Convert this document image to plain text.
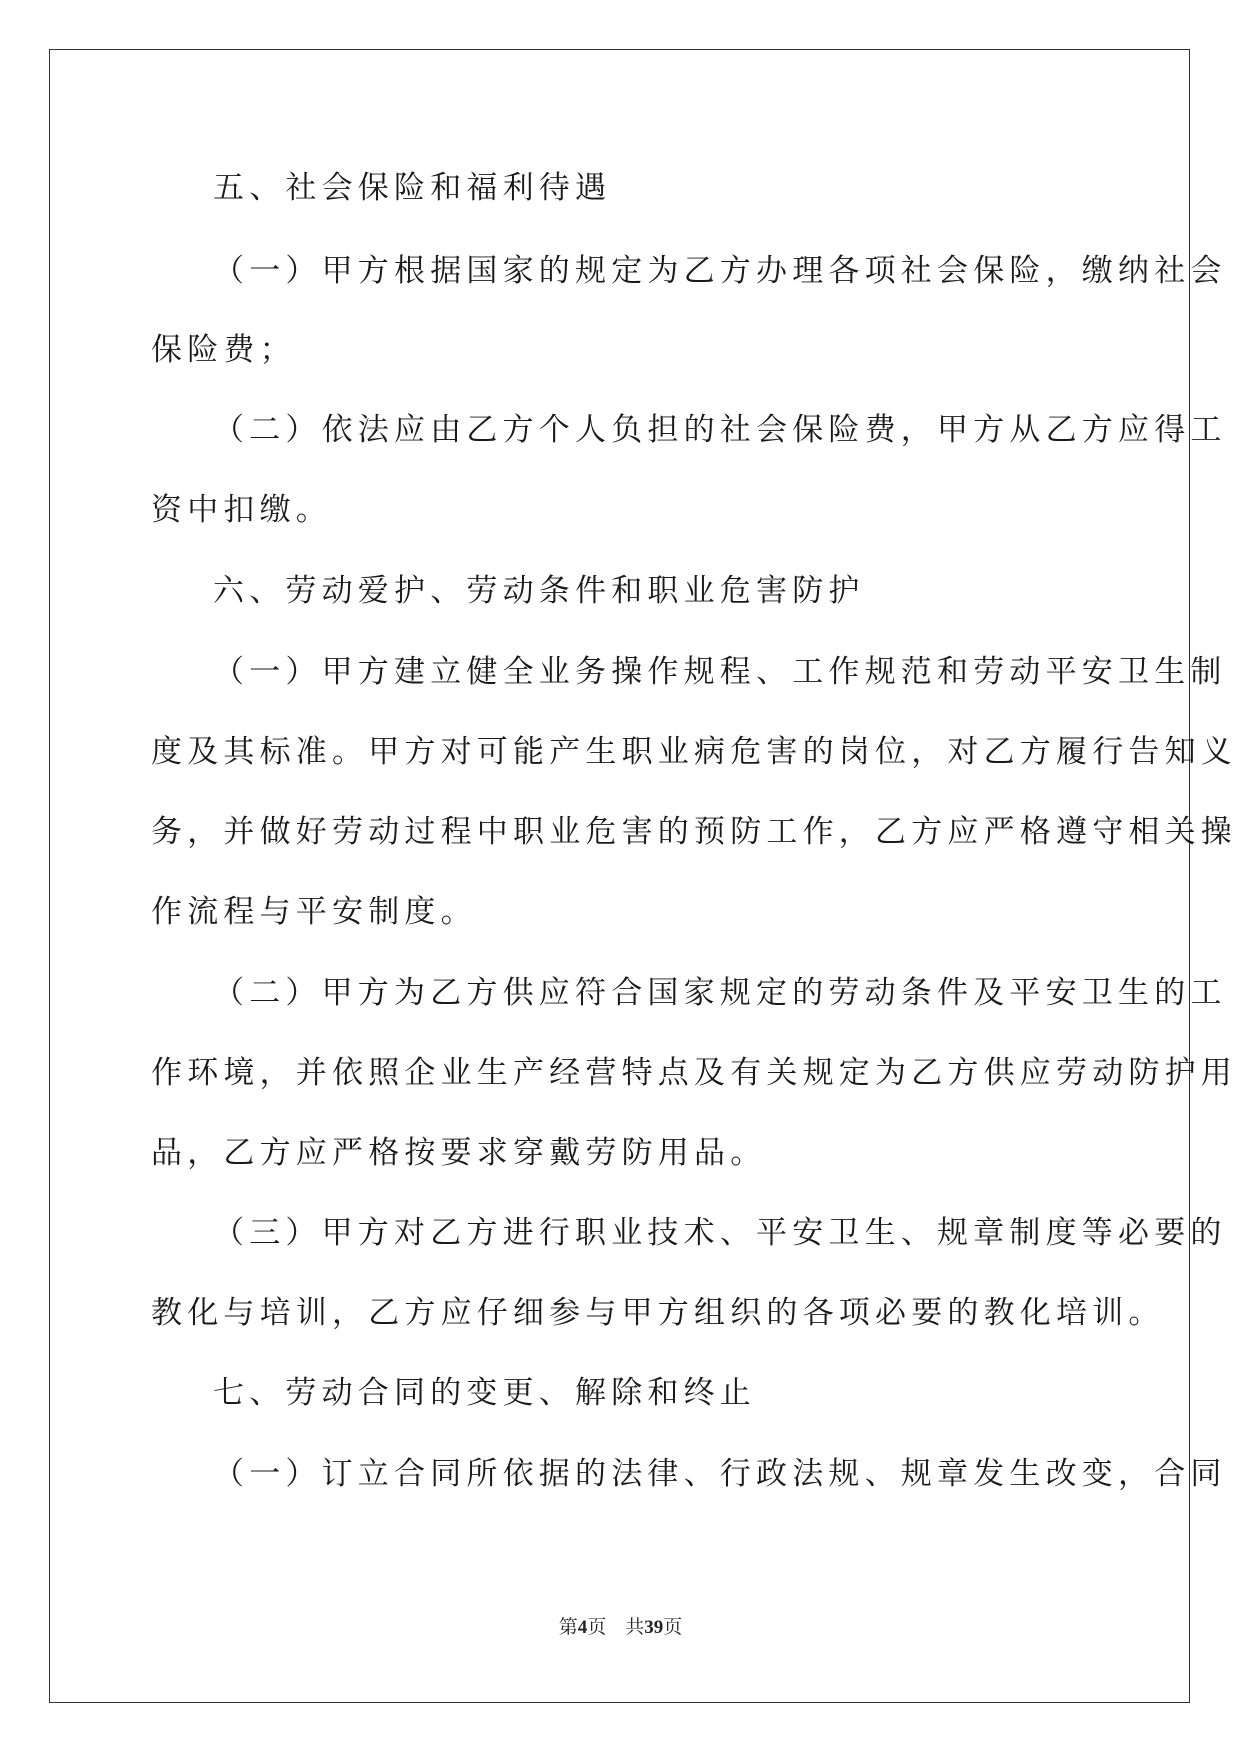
五、社会保险和福利待遇
（一）甲方根据国家的规定为乙方办理各项社会保险，缴纳社会
保险费；
（二）依法应由乙方个人负担的社会保险费，甲方从乙方应得工
资中扣缴。
六、劳动爱护、劳动条件和职业危害防护
（一）甲方建立健全业务操作规程、工作规范和劳动平安卫生制
度及其标准。甲方对可能产生职业病危害的岗位，对乙方履行告知义
务，并做好劳动过程中职业危害的预防工作，乙方应严格遵守相关操
作流程与平安制度。
（二）甲方为乙方供应符合国家规定的劳动条件及平安卫生的工
作环境，并依照企业生产经营特点及有关规定为乙方供应劳动防护用
品，乙方应严格按要求穿戴劳防用品。
（三）甲方对乙方进行职业技术、平安卫生、规章制度等必要的
教化与培训，乙方应仔细参与甲方组织的各项必要的教化培训。
七、劳动合同的变更、解除和终止
（一）订立合同所依据的法律、行政法规、规章发生改变，合同
第4页 共39页
